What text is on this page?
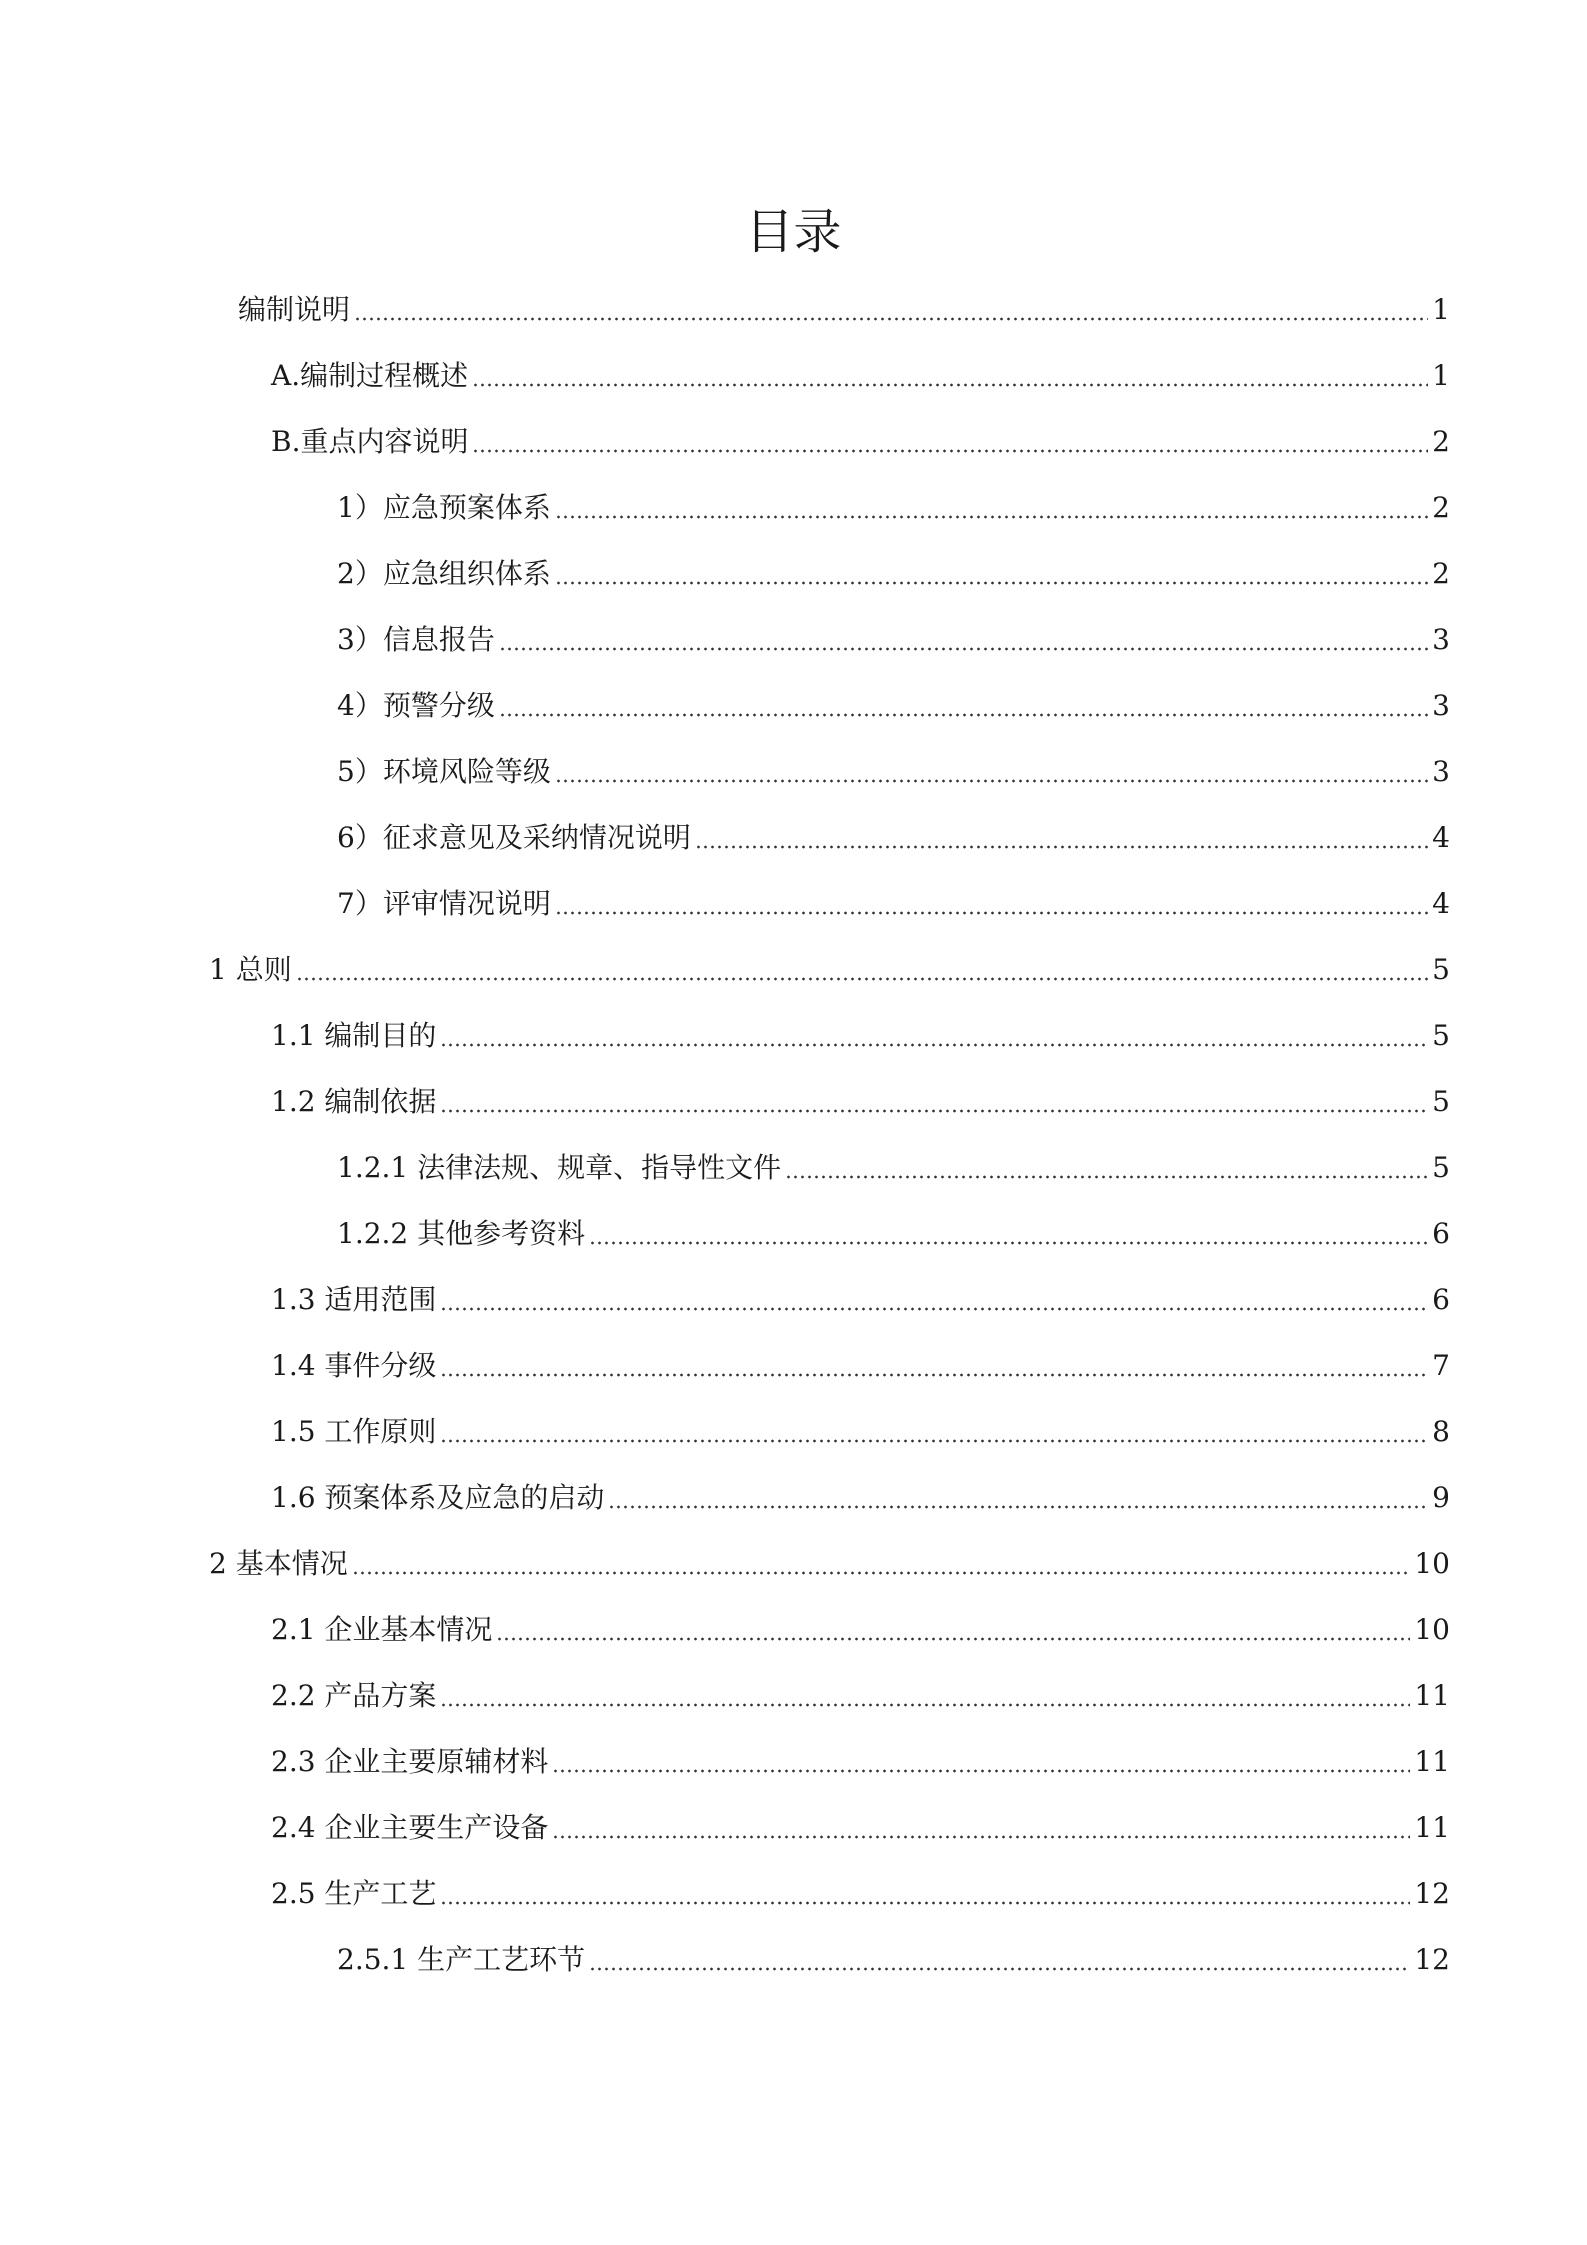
目录
编制说明	1
A.编制过程概述	1
B.重点内容说明	2
1）应急预案体系	2
2）应急组织体系	2
3）信息报告	3
4）预警分级	3
5）环境风险等级	3
6）征求意见及采纳情况说明	4
7）评审情况说明	4
1 总则	5
1.1 编制目的	5
1.2 编制依据	5
1.2.1 法律法规、规章、指导性文件	5
1.2.2 其他参考资料	6
1.3 适用范围	6
1.4 事件分级	7
1.5 工作原则	8
1.6 预案体系及应急的启动	9
2 基本情况	10
2.1 企业基本情况	10
2.2 产品方案	11
2.3 企业主要原辅材料	11
2.4 企业主要生产设备	11
2.5 生产工艺	12
2.5.1 生产工艺环节	12
